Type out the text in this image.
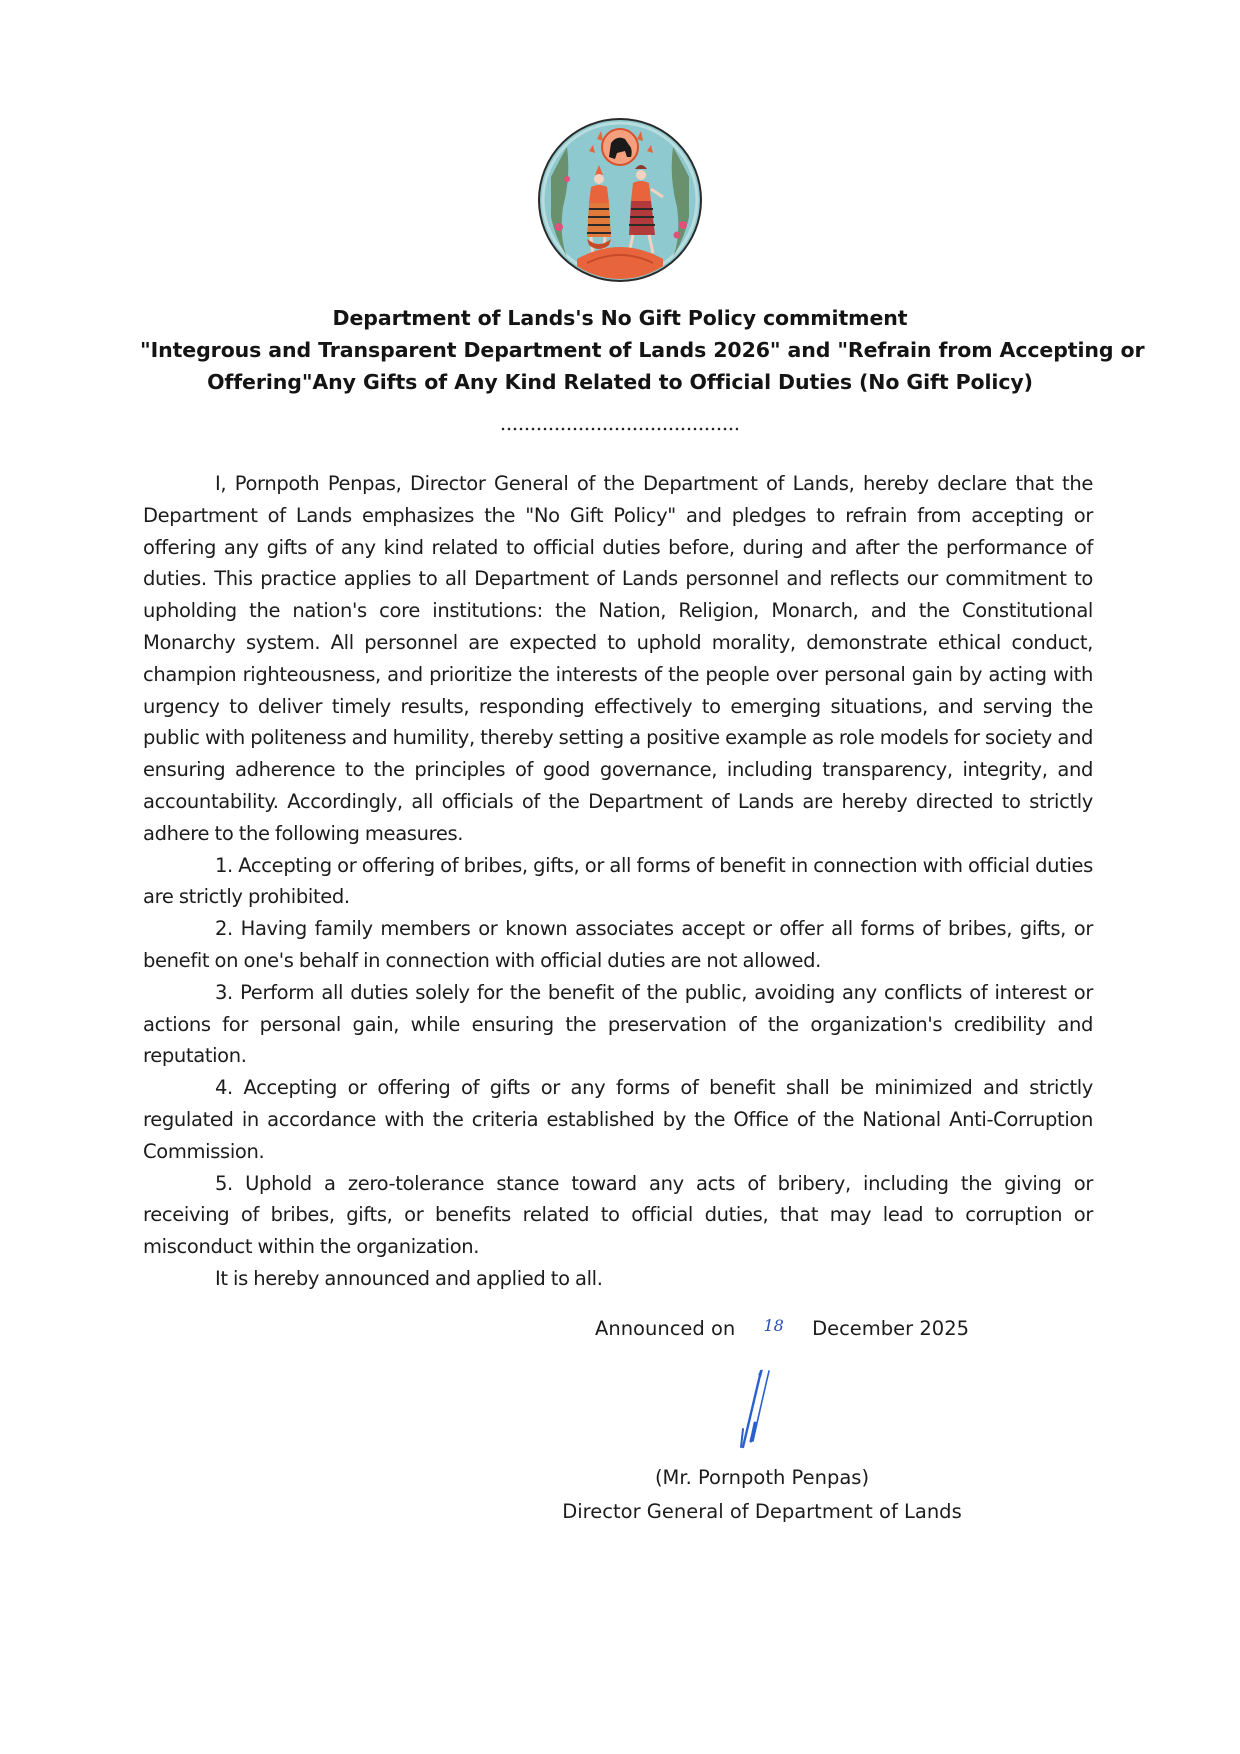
Department of Lands's No Gift Policy commitment
"Integrous and Transparent Department of Lands 2026" and "Refrain from Accepting or
Offering"Any Gifts of Any Kind Related to Official Duties (No Gift Policy)

I, Pornpoth Penpas, Director General of the Department of Lands, hereby declare that the Department of Lands emphasizes the "No Gift Policy" and pledges to refrain from accepting or offering any gifts of any kind related to official duties before, during and after the performance of duties. This practice applies to all Department of Lands personnel and reflects our commitment to upholding the nation's core institutions: the Nation, Religion, Monarch, and the Constitutional Monarchy system. All personnel are expected to uphold morality, demonstrate ethical conduct, champion righteousness, and prioritize the interests of the people over personal gain by acting with urgency to deliver timely results, responding effectively to emerging situations, and serving the public with politeness and humility, thereby setting a positive example as role models for society and ensuring adherence to the principles of good governance, including transparency, integrity, and accountability. Accordingly, all officials of the Department of Lands are hereby directed to strictly adhere to the following measures.

1. Accepting or offering of bribes, gifts, or all forms of benefit in connection with official duties are strictly prohibited.

2. Having family members or known associates accept or offer all forms of bribes, gifts, or benefit on one's behalf in connection with official duties are not allowed.

3. Perform all duties solely for the benefit of the public, avoiding any conflicts of interest or actions for personal gain, while ensuring the preservation of the organization's credibility and reputation.

4. Accepting or offering of gifts or any forms of benefit shall be minimized and strictly regulated in accordance with the criteria established by the Office of the National Anti-Corruption Commission.

5. Uphold a zero-tolerance stance toward any acts of bribery, including the giving or receiving of bribes, gifts, or benefits related to official duties, that may lead to corruption or misconduct within the organization.

It is hereby announced and applied to all.

Announced on 18 December 2025
(Mr. Pornpoth Penpas)
Director General of Department of Lands
